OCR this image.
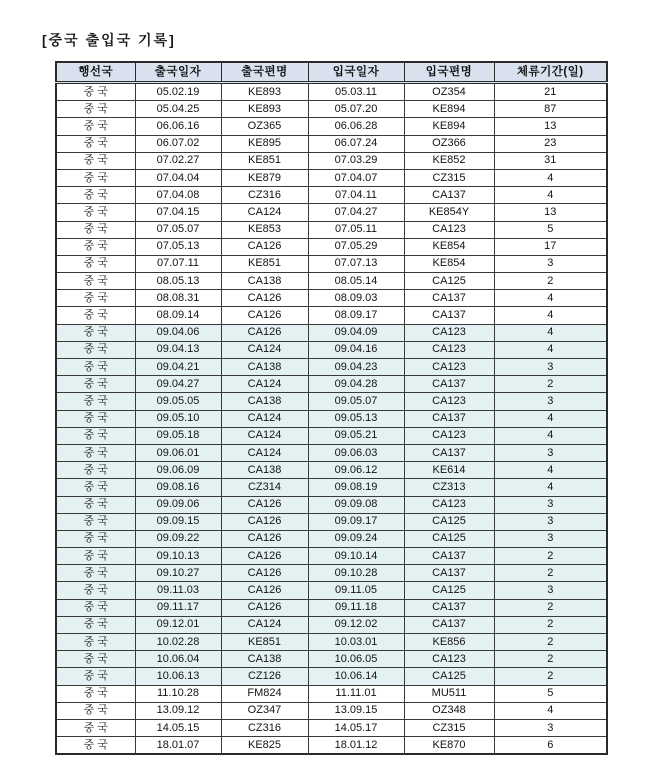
[중국 출입국 기록]
행선국	출국일자	출국편명	입국일자	입국편명	체류기간(일)
중 국	05.02.19	KE893	05.03.11	OZ354	21
중 국	05.04.25	KE893	05.07.20	KE894	87
중 국	06.06.16	OZ365	06.06.28	KE894	13
중 국	06.07.02	KE895	06.07.24	OZ366	23
중 국	07.02.27	KE851	07.03.29	KE852	31
중 국	07.04.04	KE879	07.04.07	CZ315	4
중 국	07.04.08	CZ316	07.04.11	CA137	4
중 국	07.04.15	CA124	07.04.27	KE854Y	13
중 국	07.05.07	KE853	07.05.11	CA123	5
중 국	07.05.13	CA126	07.05.29	KE854	17
중 국	07.07.11	KE851	07.07.13	KE854	3
중 국	08.05.13	CA138	08.05.14	CA125	2
중 국	08.08.31	CA126	08.09.03	CA137	4
중 국	08.09.14	CA126	08.09.17	CA137	4
중 국	09.04.06	CA126	09.04.09	CA123	4
중 국	09.04.13	CA124	09.04.16	CA123	4
중 국	09.04.21	CA138	09.04.23	CA123	3
중 국	09.04.27	CA124	09.04.28	CA137	2
중 국	09.05.05	CA138	09.05.07	CA123	3
중 국	09.05.10	CA124	09.05.13	CA137	4
중 국	09.05.18	CA124	09.05.21	CA123	4
중 국	09.06.01	CA124	09.06.03	CA137	3
중 국	09.06.09	CA138	09.06.12	KE614	4
중 국	09.08.16	CZ314	09.08.19	CZ313	4
중 국	09.09.06	CA126	09.09.08	CA123	3
중 국	09.09.15	CA126	09.09.17	CA125	3
중 국	09.09.22	CA126	09.09.24	CA125	3
중 국	09.10.13	CA126	09.10.14	CA137	2
중 국	09.10.27	CA126	09.10.28	CA137	2
중 국	09.11.03	CA126	09.11.05	CA125	3
중 국	09.11.17	CA126	09.11.18	CA137	2
중 국	09.12.01	CA124	09.12.02	CA137	2
중 국	10.02.28	KE851	10.03.01	KE856	2
중 국	10.06.04	CA138	10.06.05	CA123	2
중 국	10.06.13	CZ126	10.06.14	CA125	2
중 국	11.10.28	FM824	11.11.01	MU511	5
중 국	13.09.12	OZ347	13.09.15	OZ348	4
중 국	14.05.15	CZ316	14.05.17	CZ315	3
중 국	18.01.07	KE825	18.01.12	KE870	6
